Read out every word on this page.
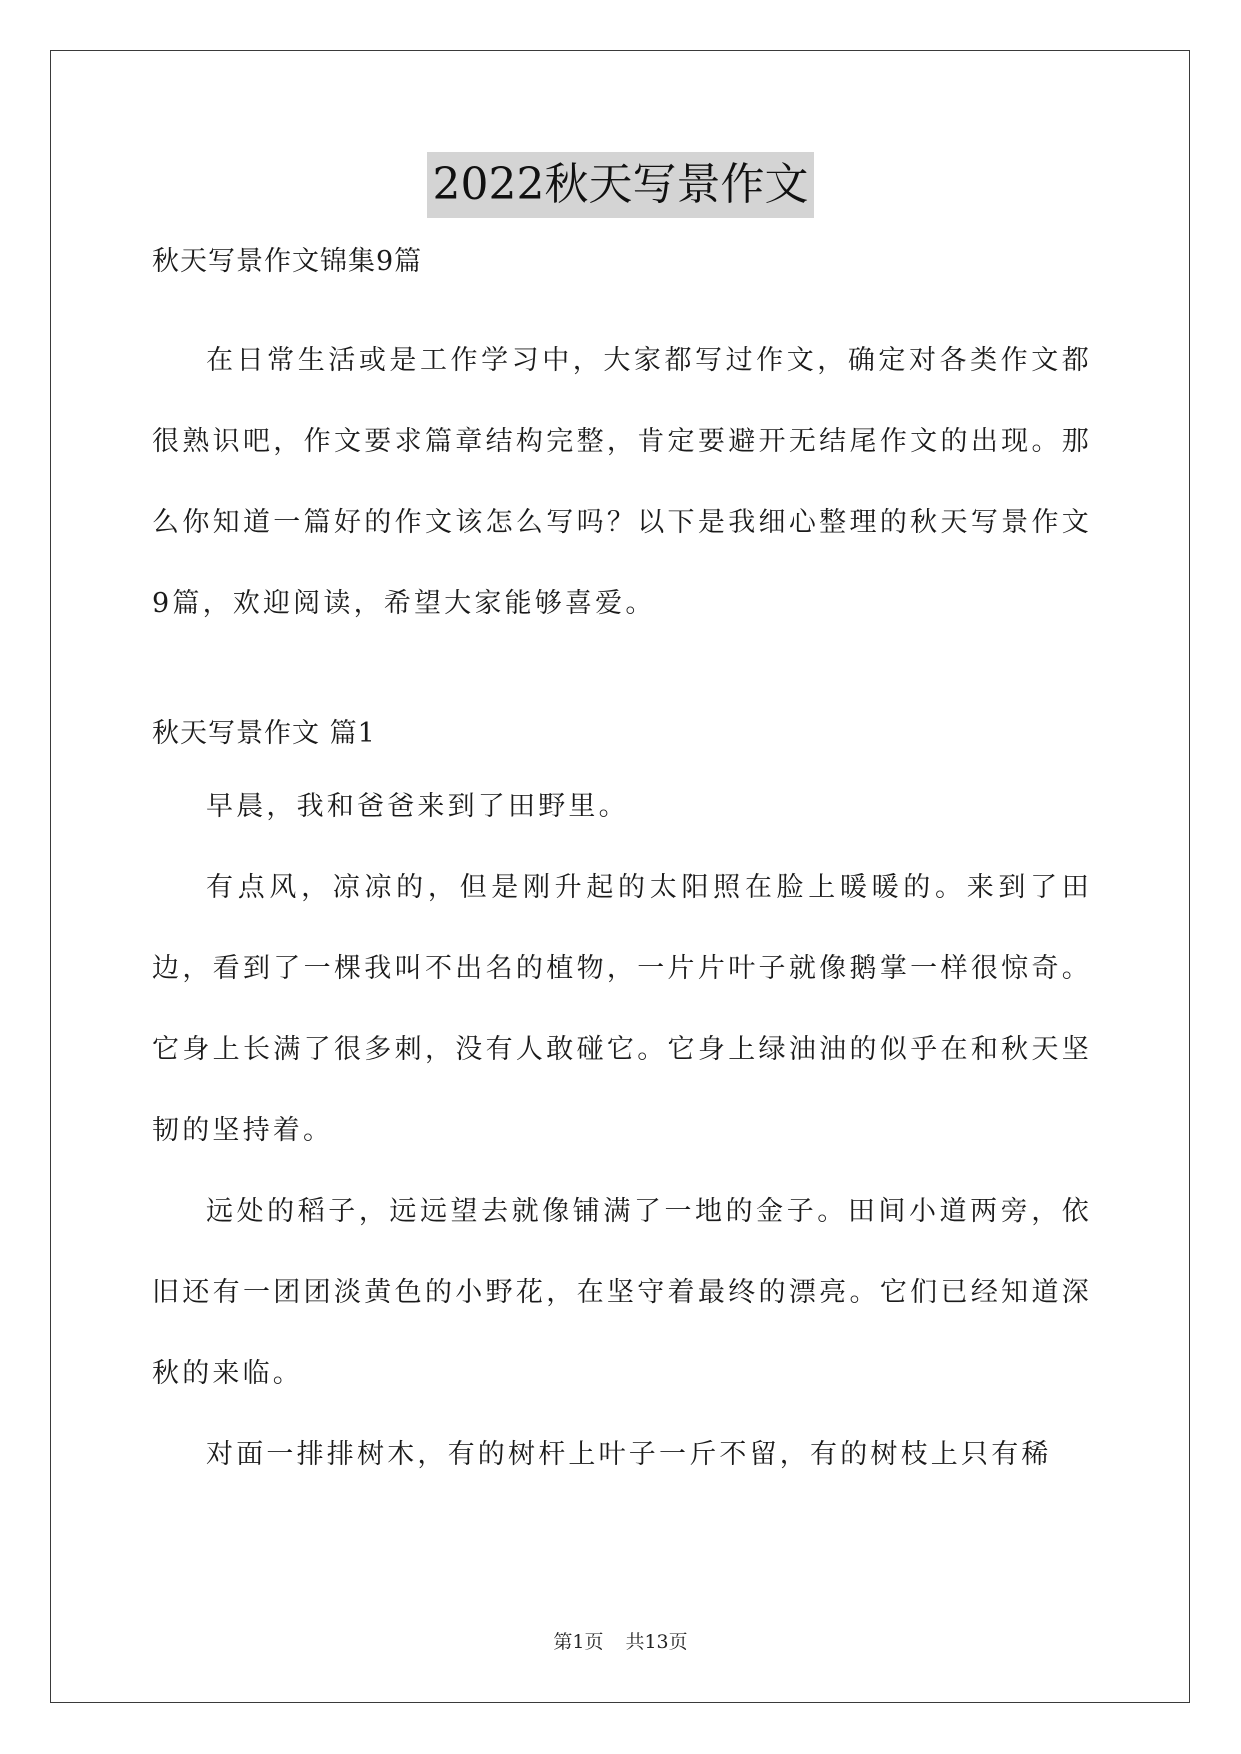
2022秋天写景作文

秋天写景作文锦集9篇

在日常生活或是工作学习中，大家都写过作文，确定对各类作文都很熟识吧，作文要求篇章结构完整，肯定要避开无结尾作文的出现。那么你知道一篇好的作文该怎么写吗？以下是我细心整理的秋天写景作文9篇，欢迎阅读，希望大家能够喜爱。

秋天写景作文 篇1

早晨，我和爸爸来到了田野里。

有点风，凉凉的，但是刚升起的太阳照在脸上暖暖的。来到了田边，看到了一棵我叫不出名的植物，一片片叶子就像鹅掌一样很惊奇。它身上长满了很多刺，没有人敢碰它。它身上绿油油的似乎在和秋天坚韧的坚持着。

远处的稻子，远远望去就像铺满了一地的金子。田间小道两旁，依旧还有一团团淡黄色的小野花，在坚守着最终的漂亮。它们已经知道深秋的来临。

对面一排排树木，有的树杆上叶子一斤不留，有的树枝上只有稀

第1页 共13页
